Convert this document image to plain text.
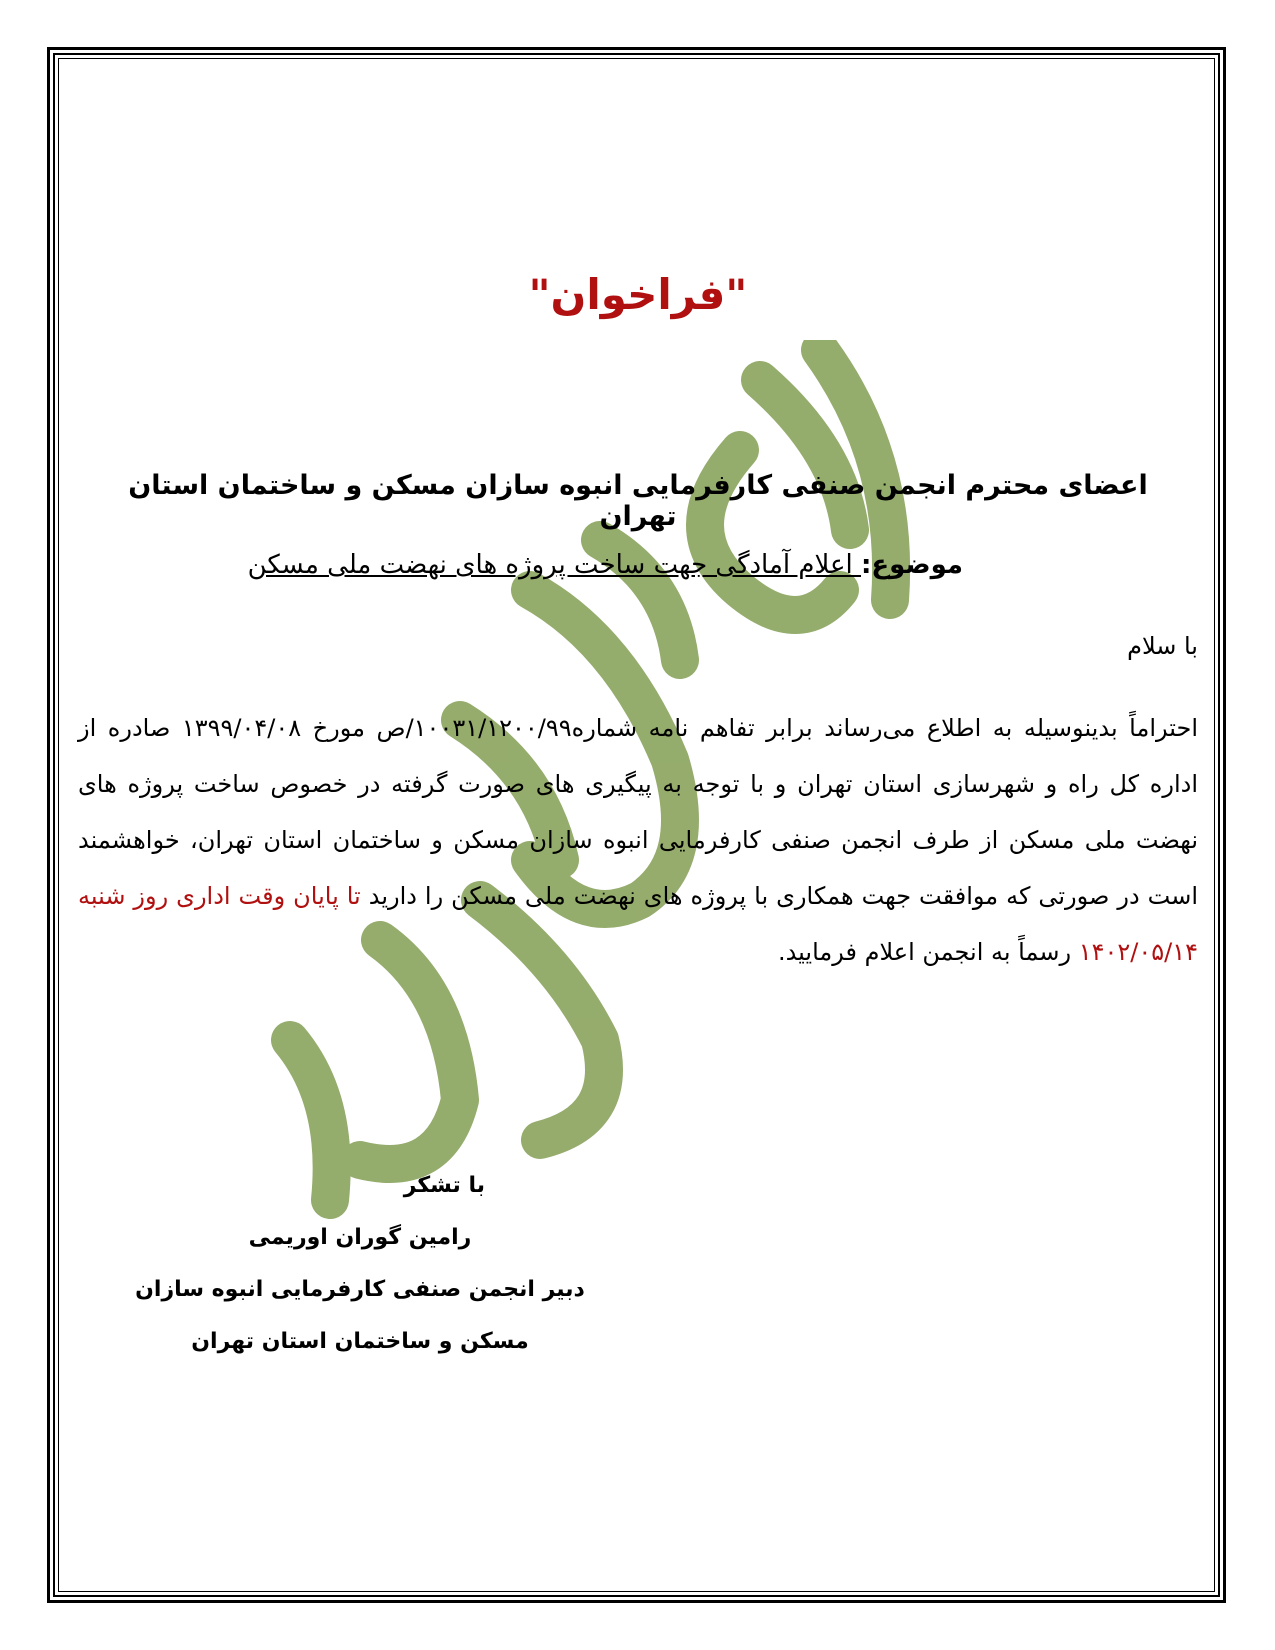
"فراخوان"
اعضای محترم انجمن صنفی کارفرمایی انبوه سازان مسکن و ساختمان استان تهران
موضوع: اعلام آمادگی جهت ساخت پروژه های نهضت ملی مسکن
با سلام
احتراماً بدینوسیله به اطلاع می‌رساند برابر تفاهم نامه شماره۱۰۰۳۱/۱۲۰۰/۹۹/ص مورخ ۱۳۹۹/۰۴/۰۸ صادره از اداره کل راه و شهرسازی استان تهران و با توجه به پیگیری های صورت گرفته در خصوص ساخت پروژه های نهضت ملی مسکن از طرف انجمن صنفی کارفرمایی انبوه سازان مسکن و ساختمان استان تهران، خواهشمند است در صورتی که موافقت جهت همکاری با پروژه های نهضت ملی مسکن را دارید تا پایان وقت اداری روز شنبه ۱۴۰۲/۰۵/۱۴ رسماً به انجمن اعلام فرمایید.
با تشکر
رامین گوران اوریمی
دبیر انجمن صنفی کارفرمایی انبوه سازان
مسکن و ساختمان استان تهران
